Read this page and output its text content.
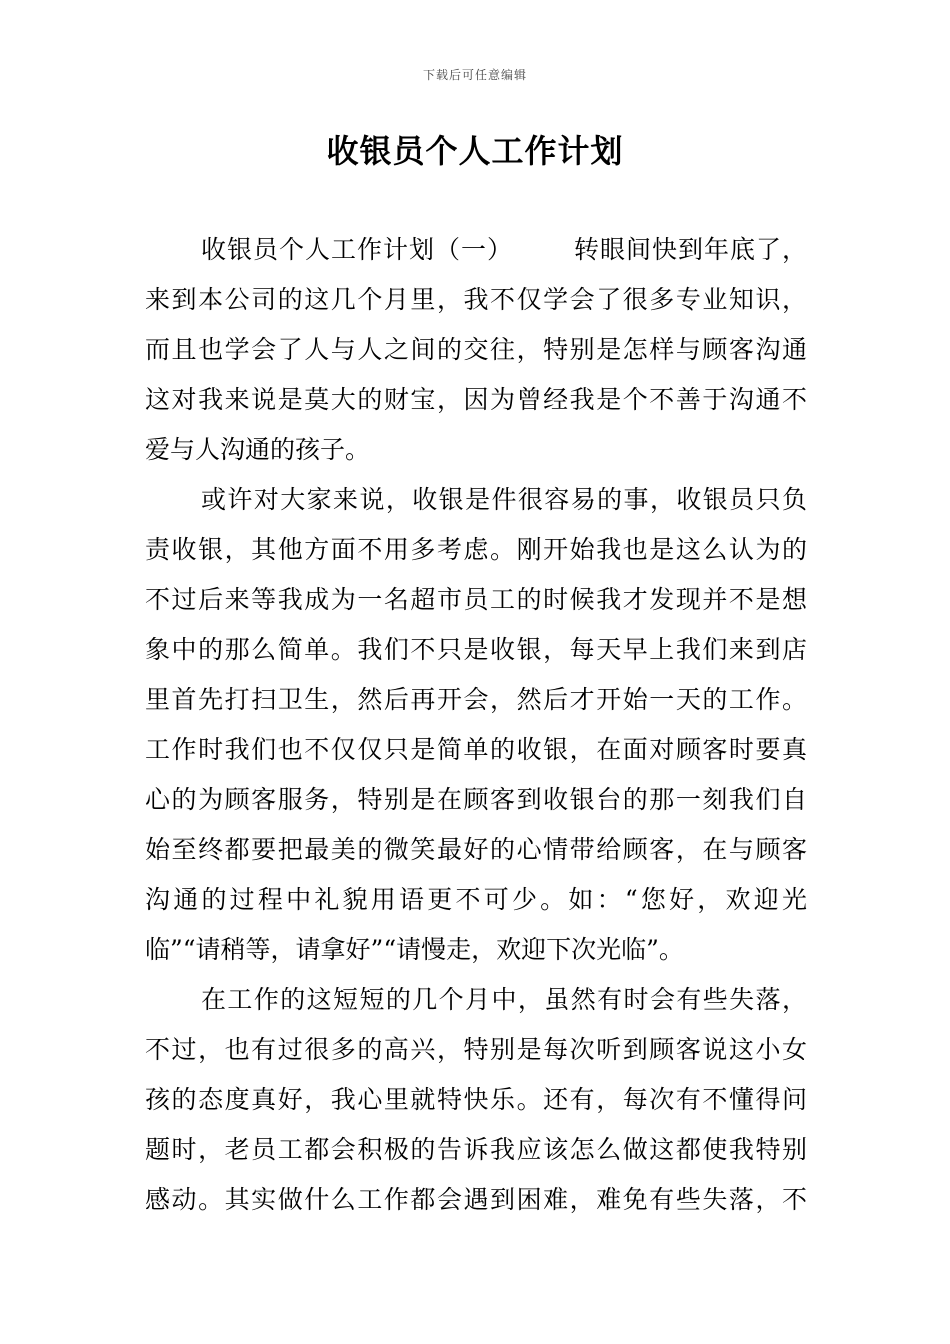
下载后可任意编辑
收银员个人工作计划
收银员个人工作计划（一） 转眼间快到年底了，
来到本公司的这几个月里，我不仅学会了很多专业知识，
而且也学会了人与人之间的交往，特别是怎样与顾客沟通
这对我来说是莫大的财宝，因为曾经我是个不善于沟通不
爱与人沟通的孩子。
或许对大家来说，收银是件很容易的事，收银员只负
责收银，其他方面不用多考虑。刚开始我也是这么认为的
不过后来等我成为一名超市员工的时候我才发现并不是想
象中的那么简单。我们不只是收银，每天早上我们来到店
里首先打扫卫生，然后再开会，然后才开始一天的工作。
工作时我们也不仅仅只是简单的收银，在面对顾客时要真
心的为顾客服务，特别是在顾客到收银台的那一刻我们自
始至终都要把最美的微笑最好的心情带给顾客，在与顾客
沟通的过程中礼貌用语更不可少。如：“您好，欢迎光
临”“请稍等，请拿好”“请慢走，欢迎下次光临”。
在工作的这短短的几个月中，虽然有时会有些失落，
不过，也有过很多的高兴，特别是每次听到顾客说这小女
孩的态度真好，我心里就特快乐。还有，每次有不懂得问
题时，老员工都会积极的告诉我应该怎么做这都使我特别
感动。其实做什么工作都会遇到困难，难免有些失落，不
